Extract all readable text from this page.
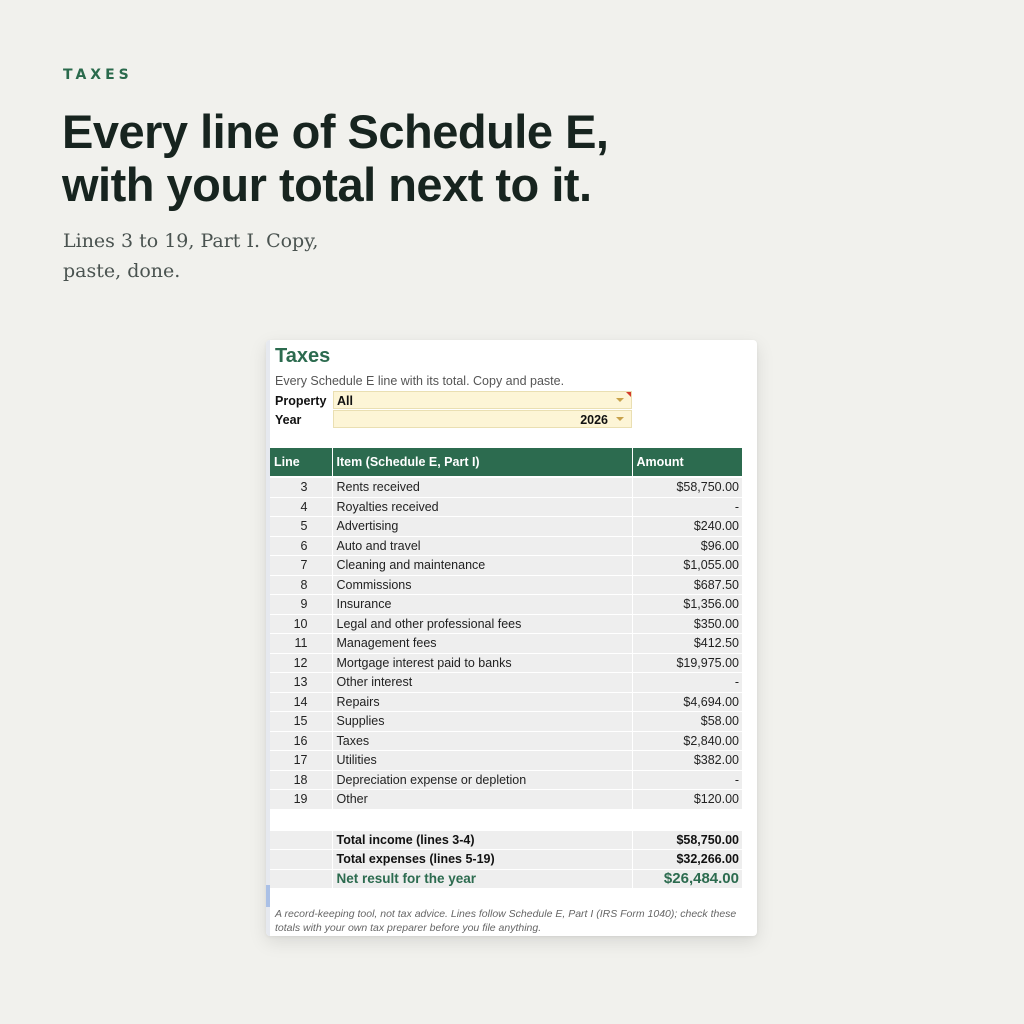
TAXES
Every line of Schedule E,
with your total next to it.

Lines 3 to 19, Part I. Copy, paste, done.

Taxes
Every Schedule E line with its total. Copy and paste.
Property All
Year	2026
Line	Item (Schedule E, Part I)	Amount

3	Rents received	$58,750.00
4	Royalties received	-
5	Advertising	$240.00
6	Auto and travel	$96.00
7	Cleaning and maintenance	$1,055.00
8	Commissions	$687.50
9	Insurance	$1,356.00
10	Legal and other professional fees	$350.00
11	Management fees	$412.50
12	Mortgage interest paid to banks	$19,975.00
13	Other interest	-
14	Repairs	$4,694.00
15	Supplies	$58.00
16	Taxes	$2,840.00
17	Utilities	$382.00
18	Depreciation expense or depletion	-
19	Other	$120.00

	Total income (lines 3-4)	$58,750.00
	Total expenses (lines 5-19)	$32,266.00
	Net result for the year	$26,484.00
A record-keeping tool, not tax advice. Lines follow Schedule E, Part I (IRS Form 1040); check these totals with your own tax preparer before you file anything.
